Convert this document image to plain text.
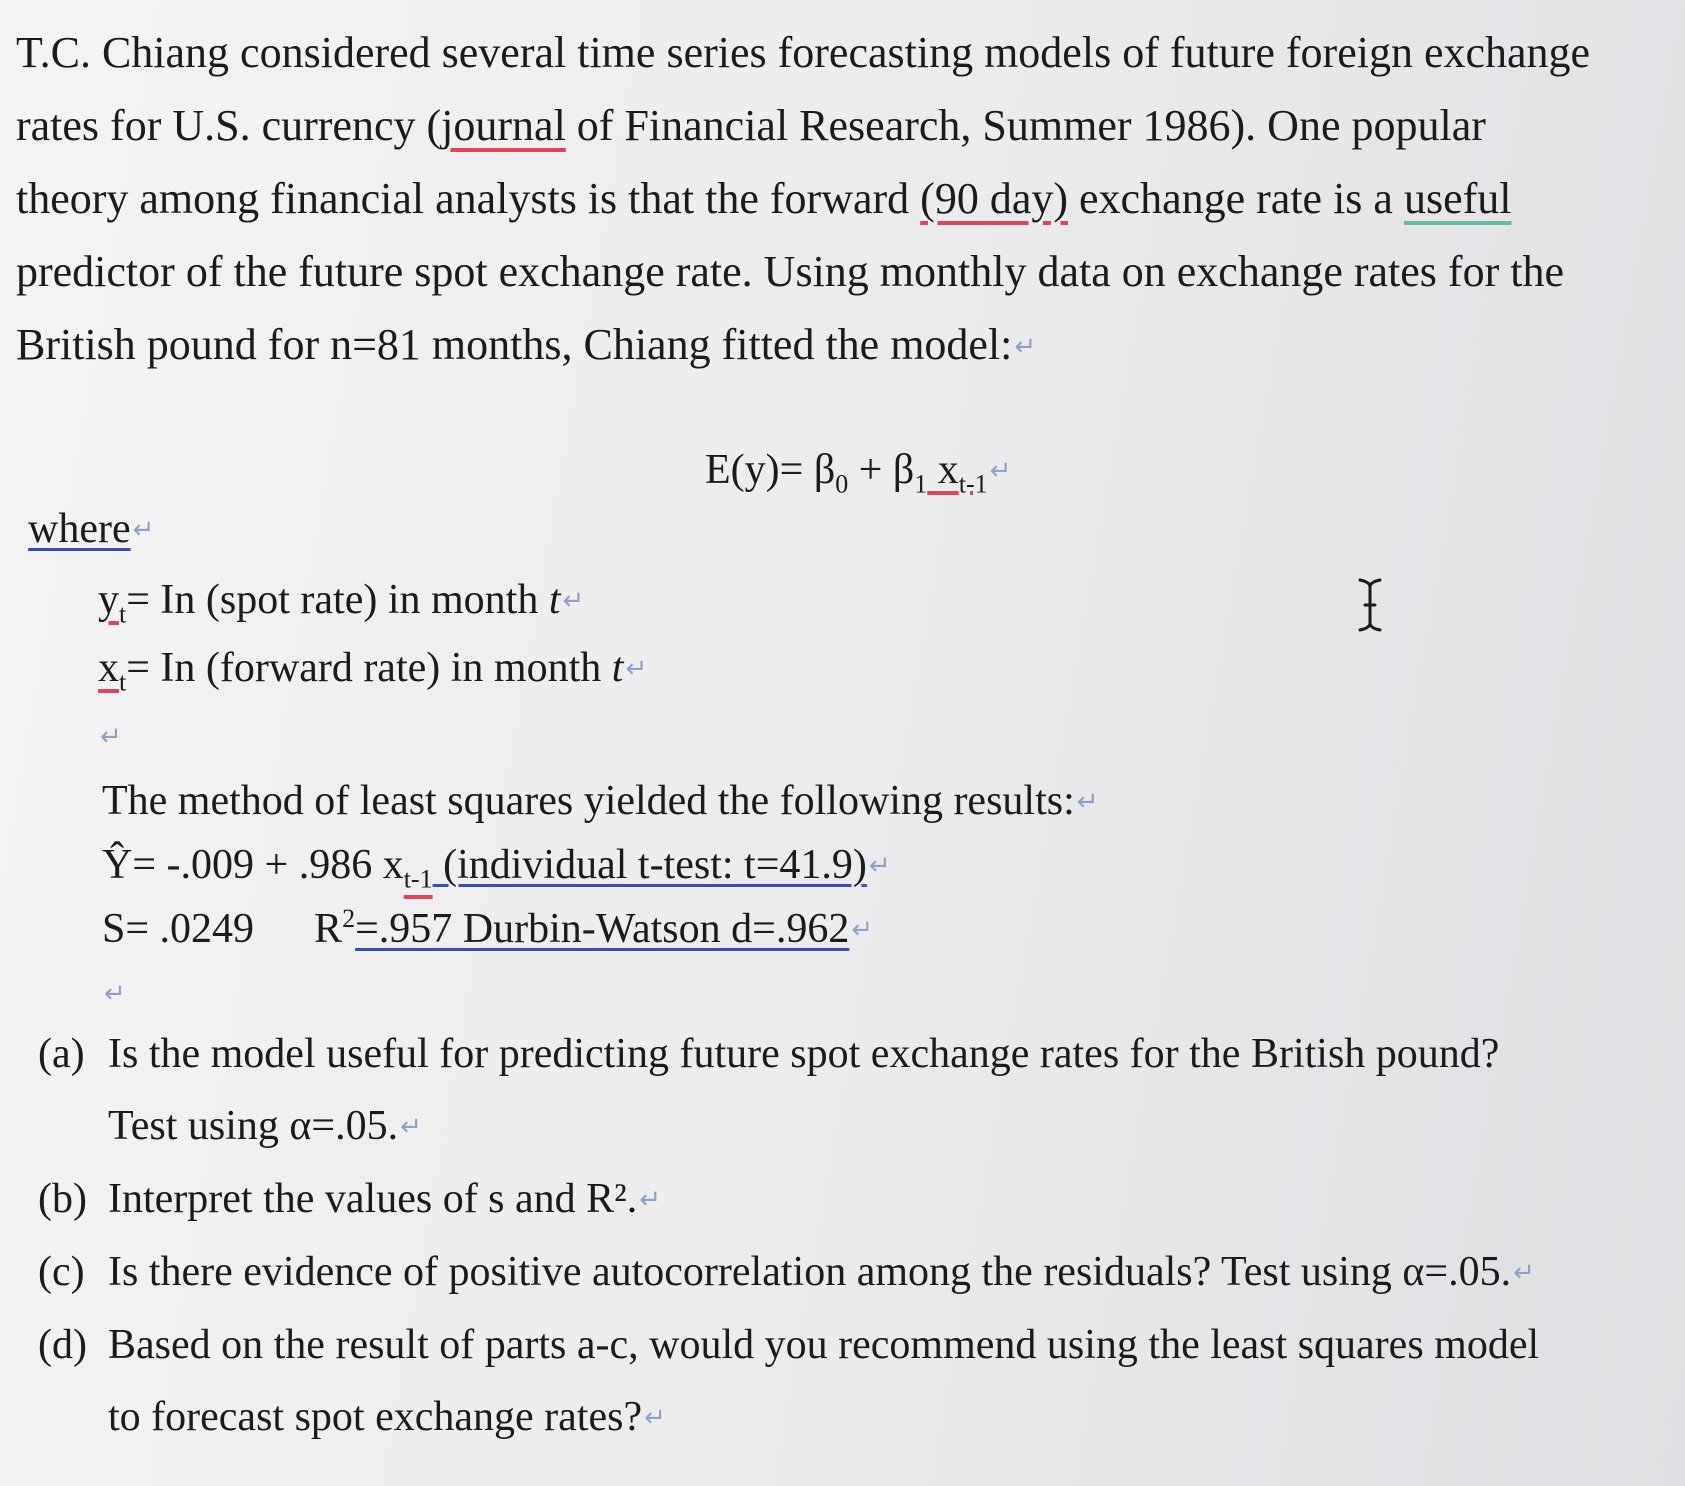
T.C. Chiang considered several time series forecasting models of future foreign exchange
rates for U.S. currency (journal of Financial Research, Summer 1986). One popular
theory among financial analysts is that the forward (90 day) exchange rate is a useful
predictor of the future spot exchange rate. Using monthly data on exchange rates for the
British pound for n=81 months, Chiang fitted the model:↵

$E(y)= \beta_0 + \beta_1$ $x_{t-1}↵$
where↵
$y_t= In$ (spot rate) in month t↵
$x_t= In$ (forward rate) in month t↵
↵
The method of least squares yielded the following results:↵
Ŷ= -.009 + .986 $x_{t-1}$ (individual t-test: t=41.9)↵
S= .0249 $R^2=.957$ Durbin-Watson d=.962↵
↵
(a) Is the model useful for predicting future spot exchange rates for the British pound?
Test using α=.05.↵
(b) Interpret the values of s and R².↵
(c) Is there evidence of positive autocorrelation among the residuals? Test using α=.05.↵
(d) Based on the result of parts a-c, would you recommend using the least squares model
to forecast spot exchange rates?↵
